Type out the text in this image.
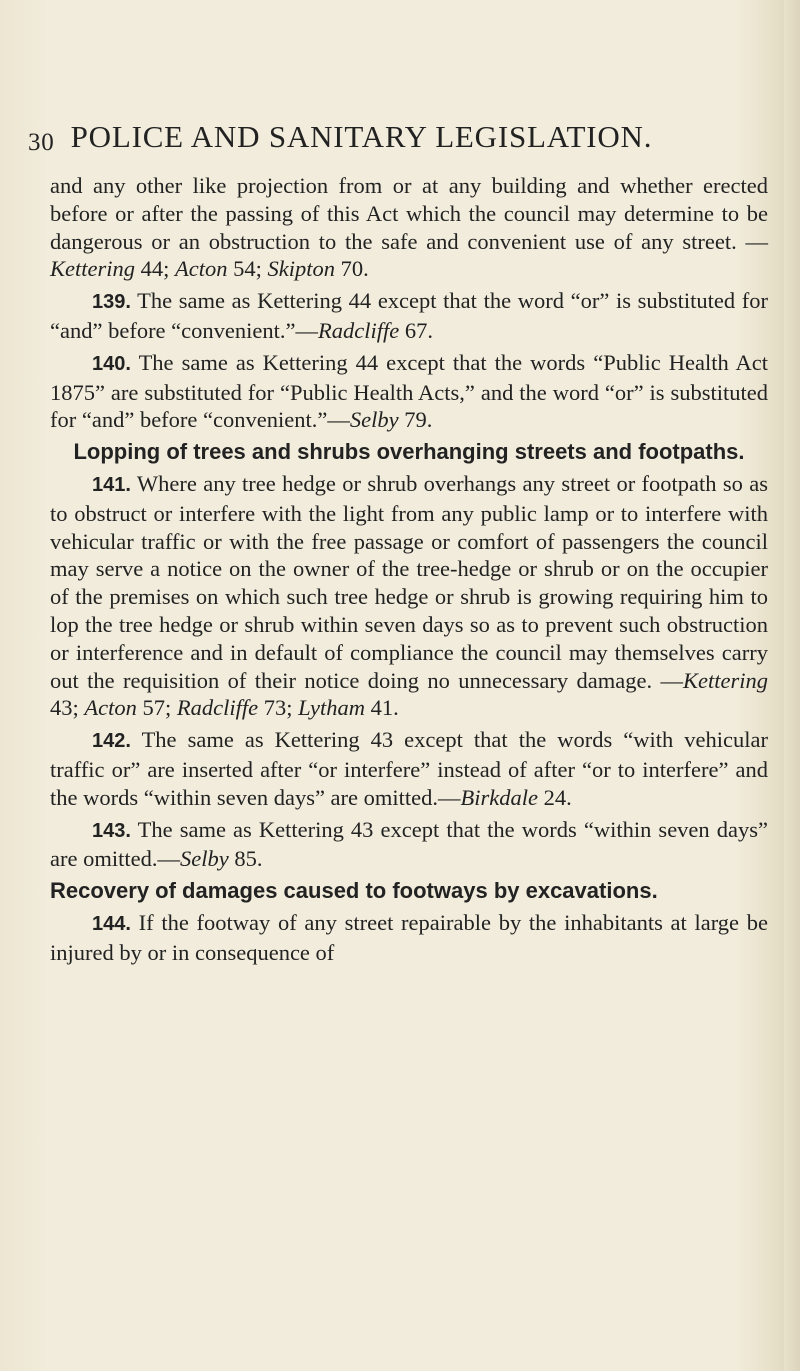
30 POLICE AND SANITARY LEGISLATION.

and any other like projection from or at any building and whether erected before or after the passing of this Act which the council may determine to be dangerous or an obstruction to the safe and convenient use of any street. —Kettering 44; Acton 54; Skipton 70.

139. The same as Kettering 44 except that the word “or” is substituted for “and” before “convenient.”—Radcliffe 67.

140. The same as Kettering 44 except that the words “Public Health Act 1875” are substituted for “Public Health Acts,” and the word “or” is substituted for “and” before “convenient.”—Selby 79.

Lopping of trees and shrubs overhanging streets and footpaths.

141. Where any tree hedge or shrub overhangs any street or footpath so as to obstruct or interfere with the light from any public lamp or to interfere with vehicular traffic or with the free passage or comfort of passengers the council may serve a notice on the owner of the tree-hedge or shrub or on the occupier of the premises on which such tree hedge or shrub is growing requiring him to lop the tree hedge or shrub within seven days so as to prevent such obstruction or interference and in default of compliance the council may themselves carry out the requisition of their notice doing no unnecessary damage. —Kettering 43; Acton 57; Radcliffe 73; Lytham 41.

142. The same as Kettering 43 except that the words “with vehicular traffic or” are inserted after “or interfere” instead of after “or to interfere” and the words “within seven days” are omitted.—Birkdale 24.

143. The same as Kettering 43 except that the words “within seven days” are omitted.—Selby 85.

Recovery of damages caused to footways by excavations.

144. If the footway of any street repairable by the inhabitants at large be injured by or in consequence of
